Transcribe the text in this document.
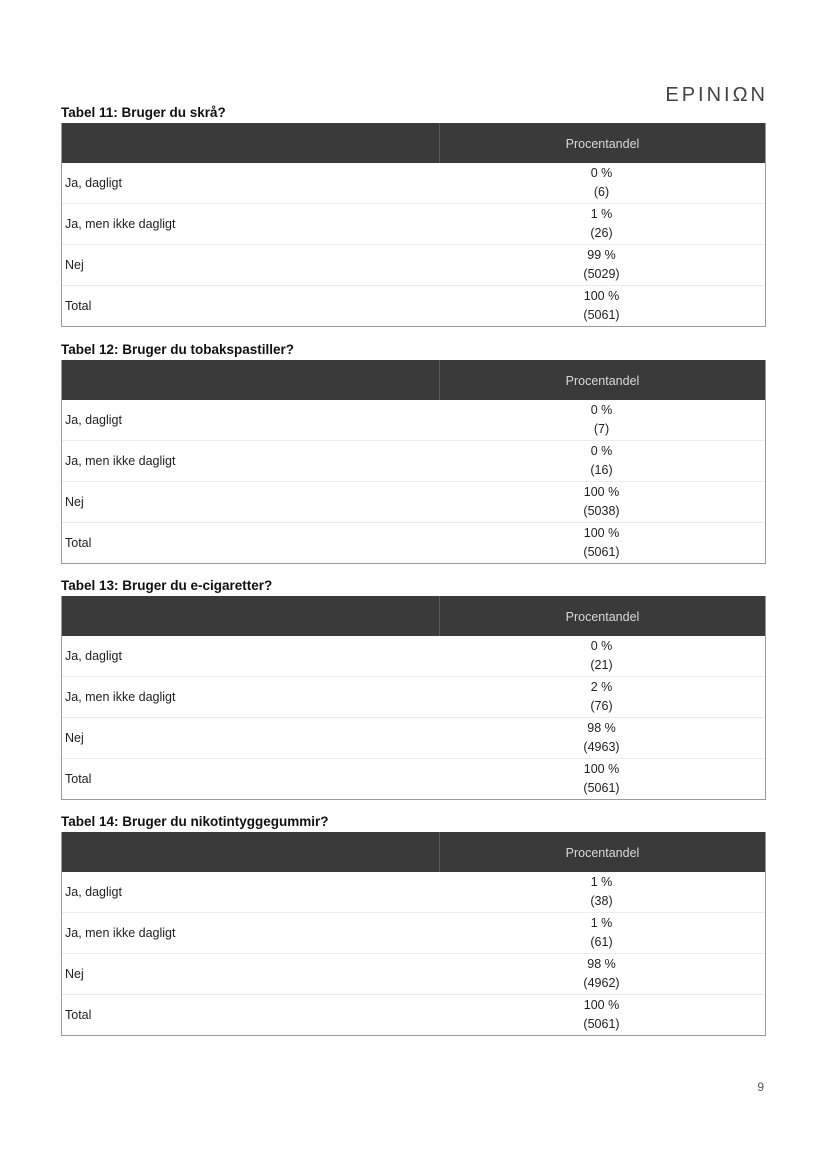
EPINIΩN
Tabel 11: Bruger du skrå?
Procentandel
Ja, dagligt
0 %
(6)
Ja, men ikke dagligt
1 %
(26)
Nej
99 %
(5029)
Total
100 %
(5061)
Tabel 12: Bruger du tobakspastiller?
Procentandel
Ja, dagligt
0 %
(7)
Ja, men ikke dagligt
0 %
(16)
Nej
100 %
(5038)
Total
100 %
(5061)
Tabel 13: Bruger du e-cigaretter?
Procentandel
Ja, dagligt
0 %
(21)
Ja, men ikke dagligt
2 %
(76)
Nej
98 %
(4963)
Total
100 %
(5061)
Tabel 14: Bruger du nikotintyggegummir?
Procentandel
Ja, dagligt
1 %
(38)
Ja, men ikke dagligt
1 %
(61)
Nej
98 %
(4962)
Total
100 %
(5061)
9
